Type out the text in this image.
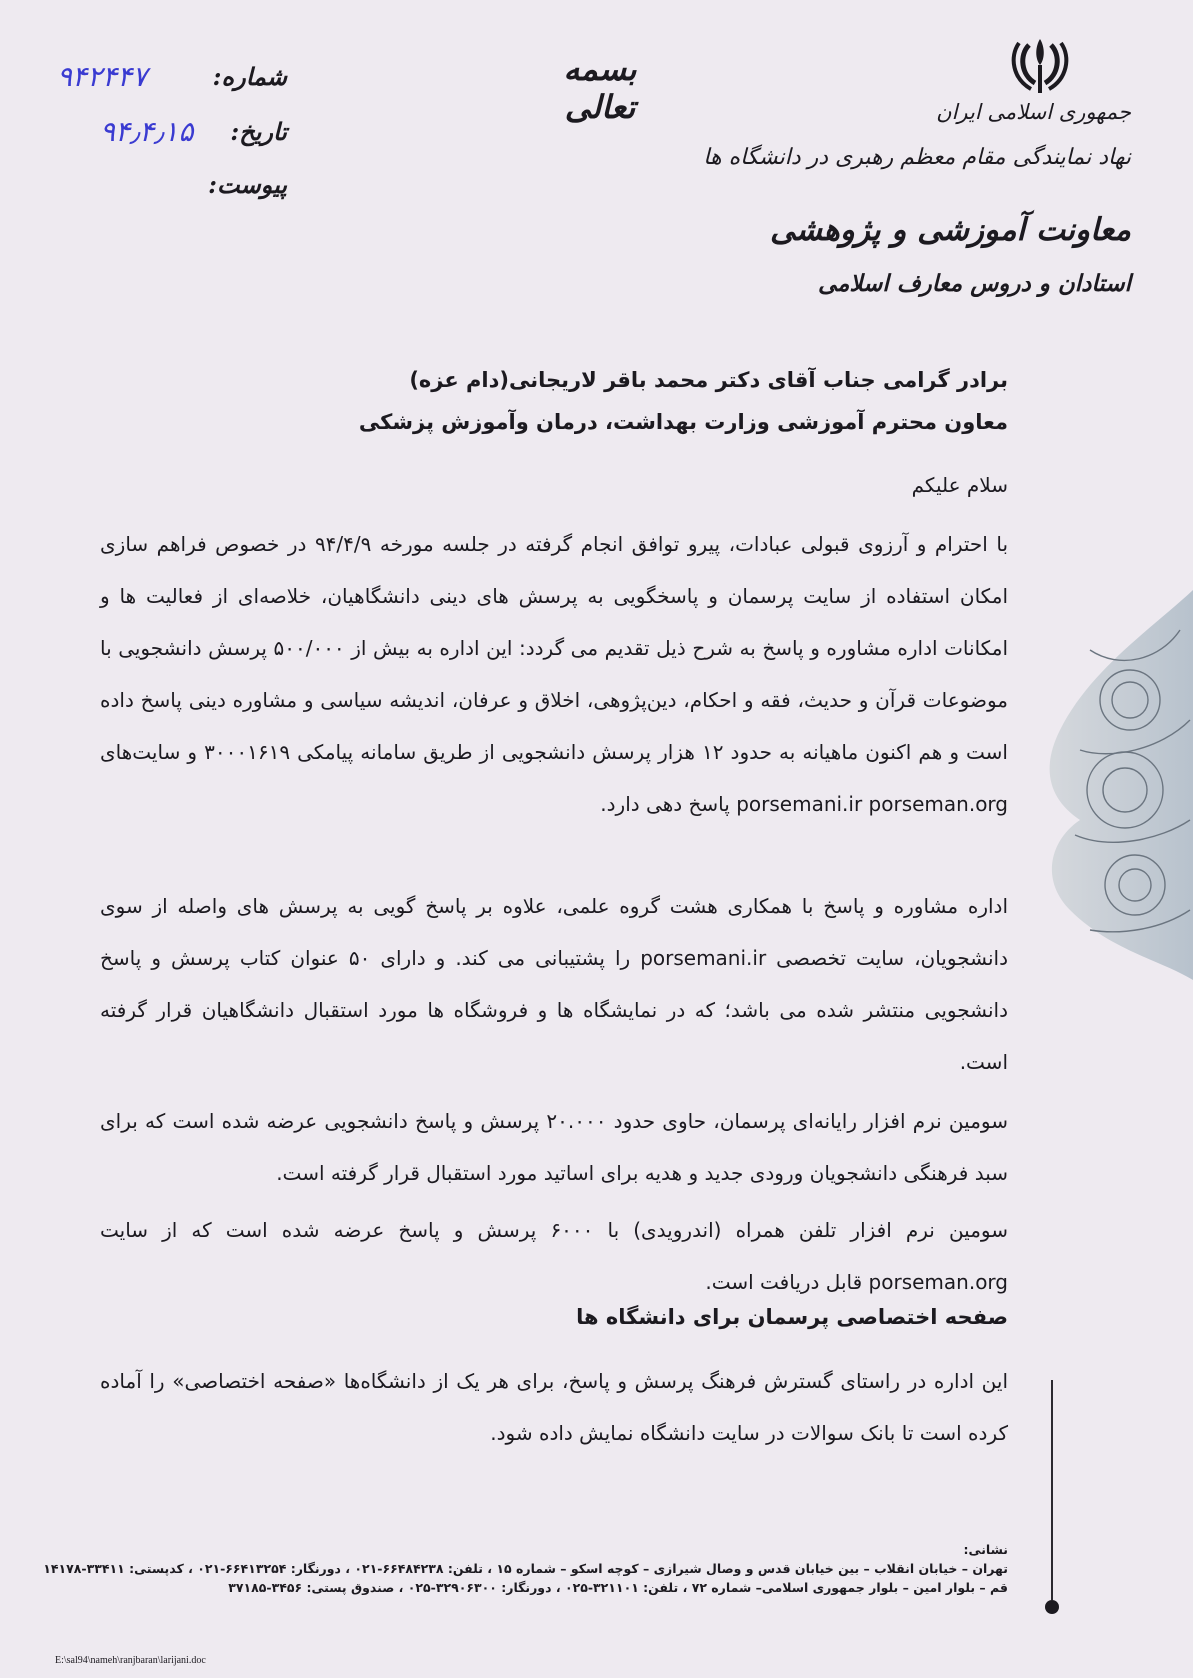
جمهوری اسلامی ایران
نهاد نمایندگی مقام معظم رهبری در دانشگاه ها
معاونت آموزشی و پژوهشی
استادان و دروس معارف اسلامی
بسمه تعالی
۹۴۲۴۴۷	شماره:
۹۴٫۴٫۱۵ تاریخ:
پیوست:
برادر گرامی جناب آقای دکتر محمد باقر لاریجانی(دام عزه)
معاون محترم آموزشی وزارت بهداشت، درمان وآموزش پزشکی
سلام علیکم
با احترام و آرزوی قبولی عبادات، پیرو توافق انجام گرفته در جلسه مورخه ۹۴/۴/۹ در خصوص فراهم سازی امکان استفاده از سایت پرسمان و پاسخگویی به پرسش های دینی دانشگاهیان، خلاصه‌ای از فعالیت ها و امکانات اداره مشاوره و پاسخ به شرح ذیل تقدیم می گردد: این اداره به بیش از ۵۰۰/۰۰۰ پرسش دانشجویی با موضوعات قرآن و حدیث، فقه و احکام، دین‌پژوهی، اخلاق و عرفان، اندیشه سیاسی و مشاوره دینی پاسخ داده است و هم اکنون ماهیانه به حدود ۱۲ هزار پرسش دانشجویی از طریق سامانه پیامکی ۳۰۰۰۱۶۱۹ و سایت‌های porsemani.ir porseman.org پاسخ دهی دارد.
اداره مشاوره و پاسخ با همکاری هشت گروه علمی، علاوه بر پاسخ گویی به پرسش های واصله از سوی دانشجویان، سایت تخصصی porsemani.ir را پشتیبانی می کند. و دارای ۵۰ عنوان کتاب پرسش و پاسخ دانشجویی منتشر شده می باشد؛ که در نمایشگاه ها و فروشگاه ها مورد استقبال دانشگاهیان قرار گرفته است.
سومین نرم افزار رایانه‌ای پرسمان، حاوی حدود ۲۰.۰۰۰ پرسش و پاسخ دانشجویی عرضه شده است که برای سبد فرهنگی دانشجویان ورودی جدید و هدیه برای اساتید مورد استقبال قرار گرفته است.
سومین نرم افزار تلفن همراه (اندرویدی) با ۶۰۰۰ پرسش و پاسخ عرضه شده است که از سایت porseman.org قابل دریافت است.
صفحه اختصاصی پرسمان برای دانشگاه ها
این اداره در راستای گسترش فرهنگ پرسش و پاسخ، برای هر یک از دانشگاه‌ها «صفحه اختصاصی» را آماده کرده است تا بانک سوالات در سایت دانشگاه نمایش داده شود.
نشانی:
تهران – خیابان انقلاب – بین خیابان قدس و وصال شیرازی – کوچه اسکو – شماره ۱۵ ، تلفن: ۶۶۴۸۴۲۳۸-۰۲۱ ، دورنگار: ۶۶۴۱۳۲۵۴-۰۲۱ ، کدپستی: ۳۳۴۱۱-۱۴۱۷۸
قم – بلوار امین – بلوار جمهوری اسلامی– شماره ۷۲ ، تلفن: ۳۲۱۱۰۱-۰۲۵ ، دورنگار: ۳۲۹۰۶۳۰۰-۰۲۵ ، صندوق پستی: ۳۴۵۶-۳۷۱۸۵
E:\sal94\nameh\ranjbaran\larijani.doc
